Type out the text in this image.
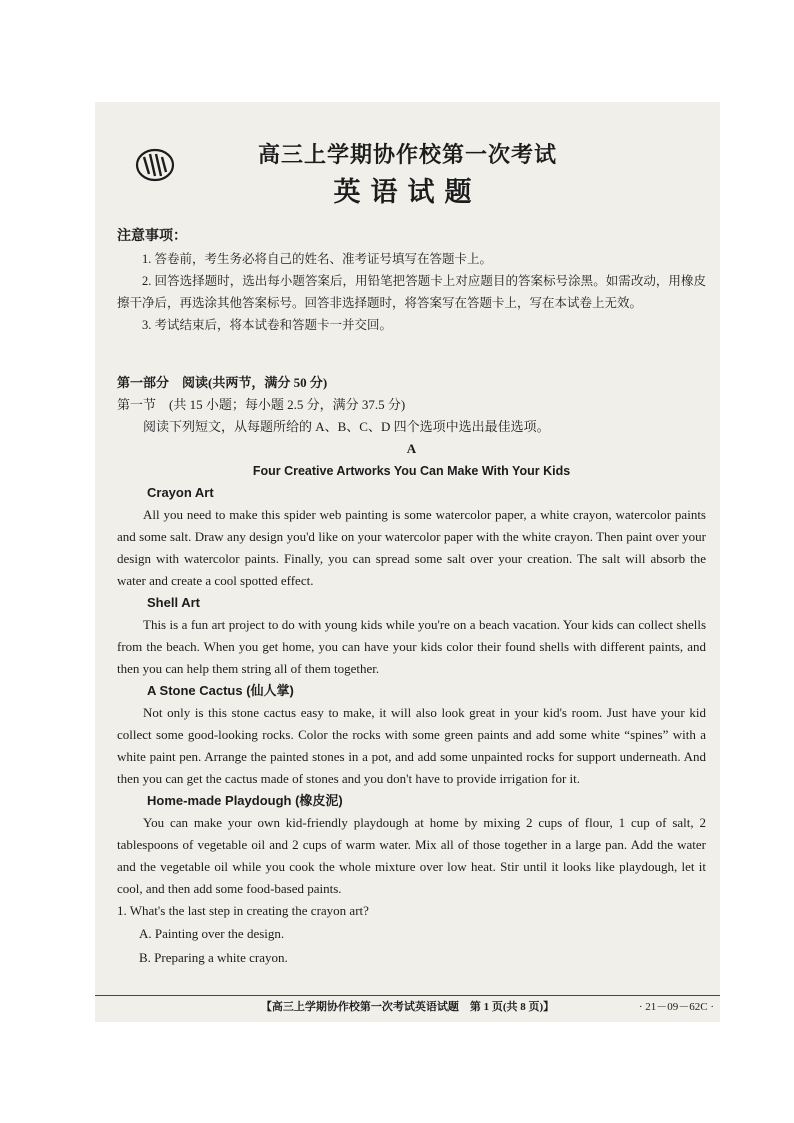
高三上学期协作校第一次考试
英语试题

注意事项：

1. 答卷前，考生务必将自己的姓名、准考证号填写在答题卡上。

2. 回答选择题时，选出每小题答案后，用铅笔把答题卡上对应题目的答案标号涂黑。如需改动，用橡皮擦干净后，再选涂其他答案标号。回答非选择题时，将答案写在答题卡上，写在本试卷上无效。

3. 考试结束后，将本试卷和答题卡一并交回。

第一部分　阅读(共两节，满分 50 分)

第一节　(共 15 小题；每小题 2.5 分，满分 37.5 分)

阅读下列短文，从每题所给的 A、B、C、D 四个选项中选出最佳选项。

A

Four Creative Artworks You Can Make With Your Kids

Crayon Art

All you need to make this spider web painting is some watercolor paper, a white crayon, watercolor paints and some salt. Draw any design you'd like on your watercolor paper with the white crayon. Then paint over your design with watercolor paints. Finally, you can spread some salt over your creation. The salt will absorb the water and create a cool spotted effect.

Shell Art

This is a fun art project to do with young kids while you're on a beach vacation. Your kids can collect shells from the beach. When you get home, you can have your kids color their found shells with different paints, and then you can help them string all of them together.

A Stone Cactus (仙人掌)

Not only is this stone cactus easy to make, it will also look great in your kid's room. Just have your kid collect some good-looking rocks. Color the rocks with some green paints and add some white “spines” with a white paint pen. Arrange the painted stones in a pot, and add some unpainted rocks for support underneath. And then you can get the cactus made of stones and you don't have to provide irrigation for it.

Home-made Playdough (橡皮泥)

You can make your own kid-friendly playdough at home by mixing 2 cups of flour, 1 cup of salt, 2 tablespoons of vegetable oil and 2 cups of warm water. Mix all of those together in a large pan. Add the water and the vegetable oil while you cook the whole mixture over low heat. Stir until it looks like playdough, let it cool, and then add some food-based paints.

1. What's the last step in creating the crayon art?

A. Painting over the design.

B. Preparing a white crayon.

【高三上学期协作校第一次考试英语试题　第 1 页(共 8 页)】	· 21－09－62C ·
